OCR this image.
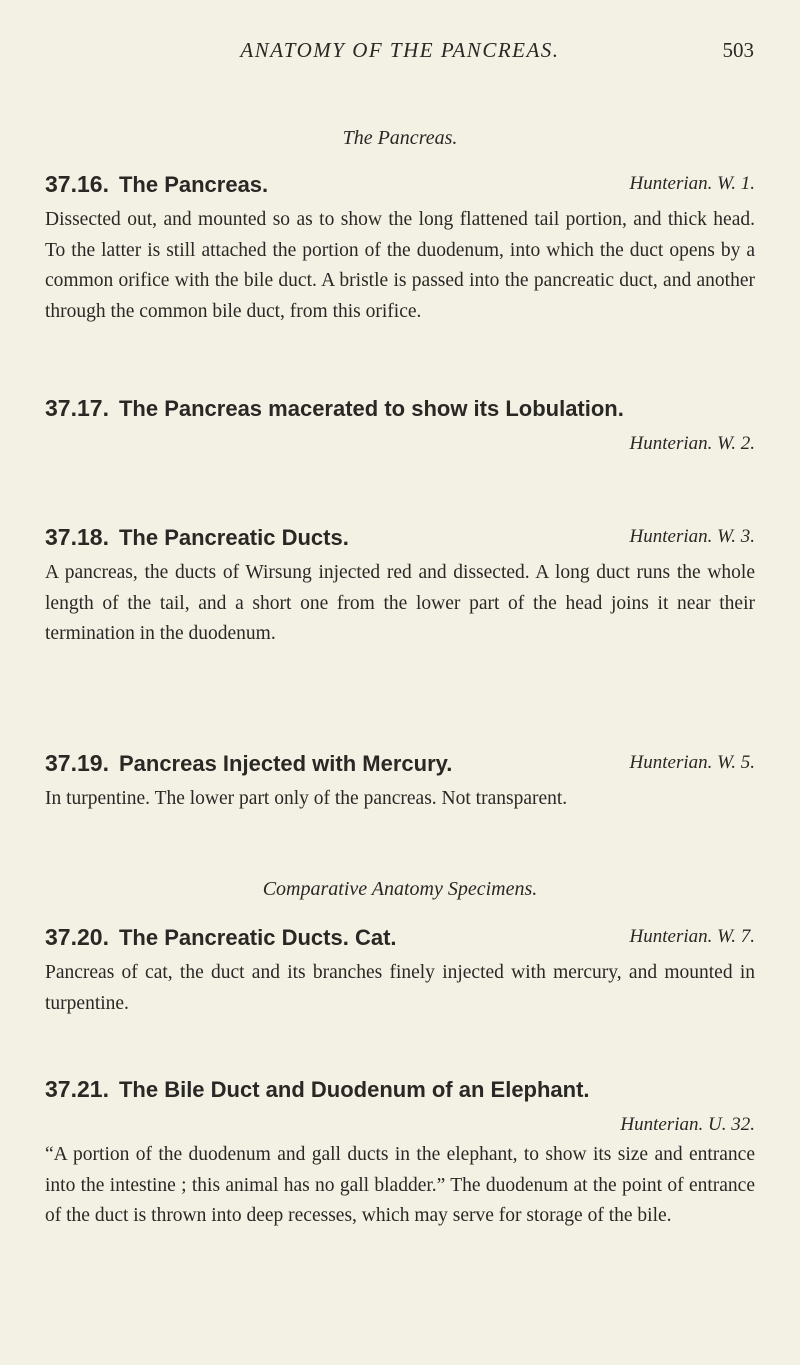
ANATOMY OF THE PANCREAS.	503
The Pancreas.
37.16. The Pancreas.	Hunterian. W. 1.

Dissected out, and mounted so as to show the long flattened tail portion, and thick head. To the latter is still attached the portion of the duodenum, into which the duct opens by a common orifice with the bile duct. A bristle is passed into the pancreatic duct, and another through the common bile duct, from this orifice.

37.17. The Pancreas macerated to show its Lobulation.
Hunterian. W. 2.
37.18. The Pancreatic Ducts.	Hunterian. W. 3.

A pancreas, the ducts of Wirsung injected red and dissected. A long duct runs the whole length of the tail, and a short one from the lower part of the head joins it near their termination in the duodenum.

37.19. Pancreas Injected with Mercury.	Hunterian. W. 5.

In turpentine. The lower part only of the pancreas. Not transparent.

Comparative Anatomy Specimens.
37.20. The Pancreatic Ducts. Cat.	Hunterian. W. 7.

Pancreas of cat, the duct and its branches finely injected with mercury, and mounted in turpentine.

37.21. The Bile Duct and Duodenum of an Elephant.
Hunterian. U. 32.

“A portion of the duodenum and gall ducts in the elephant, to show its size and entrance into the intestine ; this animal has no gall bladder.” The duodenum at the point of entrance of the duct is thrown into deep recesses, which may serve for storage of the bile.
